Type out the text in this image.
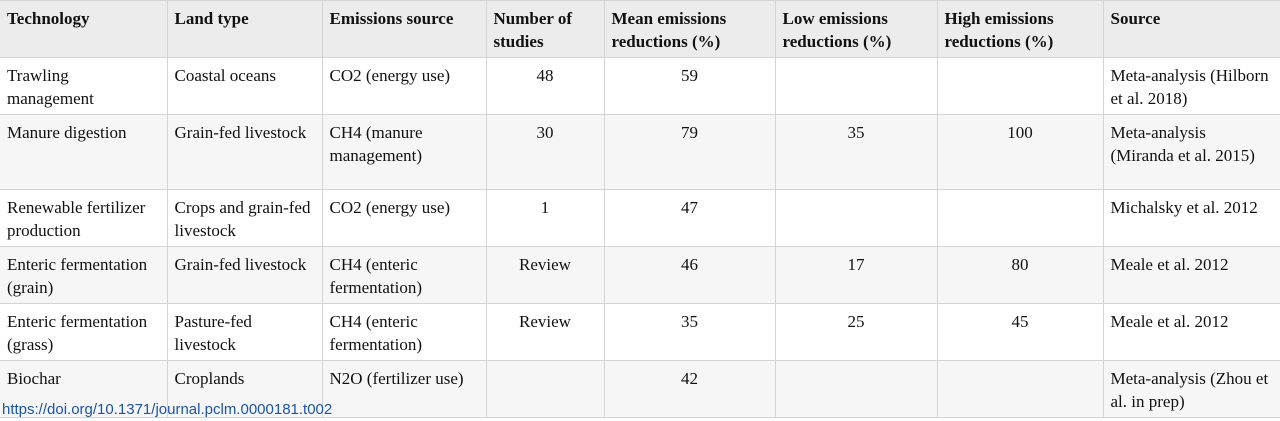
Technology	Land type	Emissions source	Number of studies	Mean emissions reductions (%)	Low emissions reductions (%)	High emissions reductions (%)	Source
Trawling management	Coastal oceans	CO2 (energy use)	48	59			Meta-analysis (Hilborn et al. 2018)
Manure digestion	Grain-fed livestock	CH4 (manure management)	30	79	35	100	Meta-analysis (Miranda et al. 2015)
Renewable fertilizer production	Crops and grain-fed livestock	CO2 (energy use)	1	47			Michalsky et al. 2012
Enteric fermentation (grain)	Grain-fed livestock	CH4 (enteric fermentation)	Review	46	17	80	Meale et al. 2012
Enteric fermentation (grass)	Pasture-fed livestock	CH4 (enteric fermentation)	Review	35	25	45	Meale et al. 2012
Biochar	Croplands	N2O (fertilizer use)		42			Meta-analysis (Zhou et al. in prep)
https://doi.org/10.1371/journal.pclm.0000181.t002
